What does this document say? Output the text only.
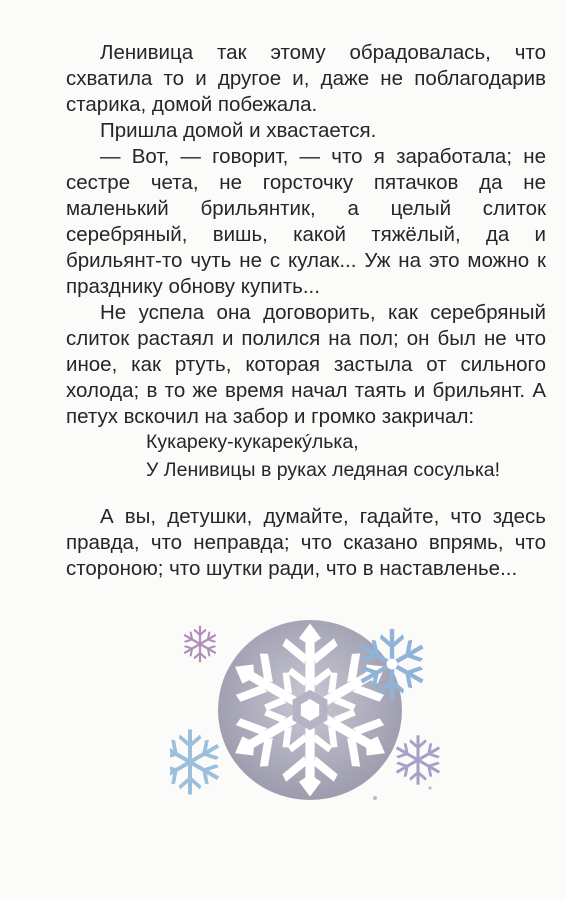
Ленивица так этому обрадовалась, что схватила то и другое и, даже не поблагодарив старика, домой побежала.

Пришла домой и хвастается.

— Вот, — говорит, — что я заработала; не сестре чета, не горсточку пятачков да не маленький брильянтик, а целый слиток серебряный, вишь, какой тяжёлый, да и брильянт-то чуть не с кулак... Уж на это можно к празднику обнову купить...

Не успела она договорить, как серебряный слиток растаял и полился на пол; он был не что иное, как ртуть, которая застыла от сильного холода; в то же время начал таять и брильянт. А петух вскочил на забор и громко закричал:

Кукареку-кукарекýлька,
У Ленивицы в руках ледяная сосулька!

А вы, детушки, думайте, гадайте, что здесь правда, что неправда; что сказано впрямь, что стороною; что шутки ради, что в наставленье...
